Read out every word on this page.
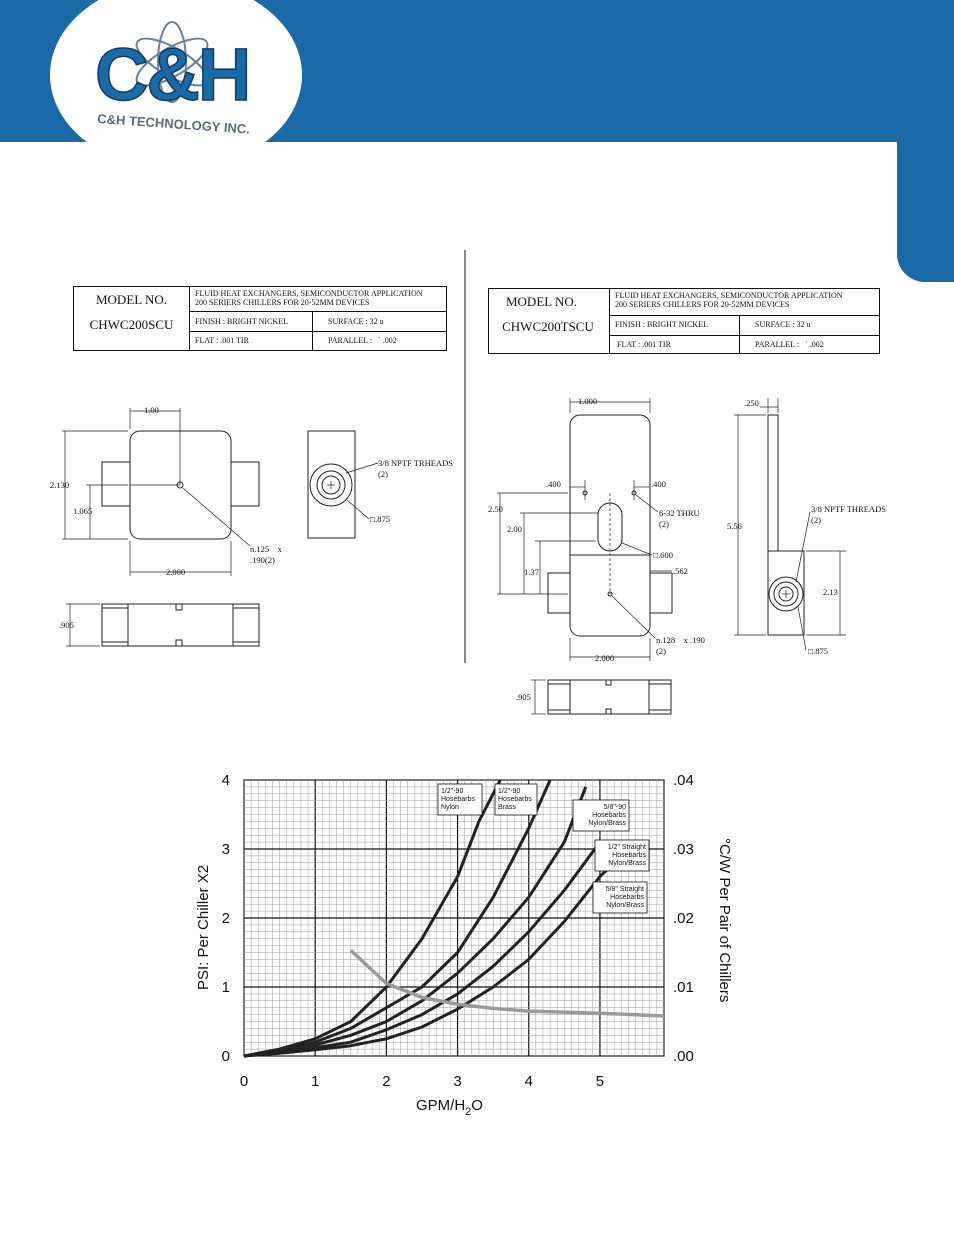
C&H
C&H TECHNOLOGY INC.
MODEL NO.
CHWC200SCU
FLUID HEAT EXCHANGERS, SEMICONDUCTOR APPLICATION
200 SERIERS CHILLERS FOR 20-52MM DEVICES
FINISH : BRIGHT NICKEL	SURFACE : 32 u
FLAT : .001 TIR	PARALLEL :   ` .002
MODEL NO.
CHWC200TSCU
FLUID HEAT EXCHANGERS, SEMICONDUCTOR APPLICATION
200 SERIERS CHILLERS FOR 20-52MM DEVICES
FINISH : BRIGHT NICKEL	SURFACE : 32 u
FLAT : .001 TIR	PARALLEL :   ` .002
1.00
2.130
1.065
2.000
n.125    x
.190(2)
3/8 NPTF TRHEADS
(2)
□.875
.905
1.000
.400	.400
2.50
2.00
1.37
6-32 THRU
(2)
□.600
.562
n.128    x .190
(2)
2.000
.905
.250
5.56
3/8 NPTF THREADS
(2)
2.13
□.875
1/2"-90
Hosebarbs
Nylon
1/2"-90
Hosebarbs
Brass	5/8"-90
Hosebarbs
Nylon/Brass
1/2" Straight
Hosebarbs
Nylon/Brass
5/8" Straight
Hosebarbs
Nylon/Brass
0	1	2	3	4	5
0
1
2
3
4
.00
.01
.02
.03
.04
PSI: Per Chiller X2	°C/W Per Pair of Chillers
GPM/$H_2O$
